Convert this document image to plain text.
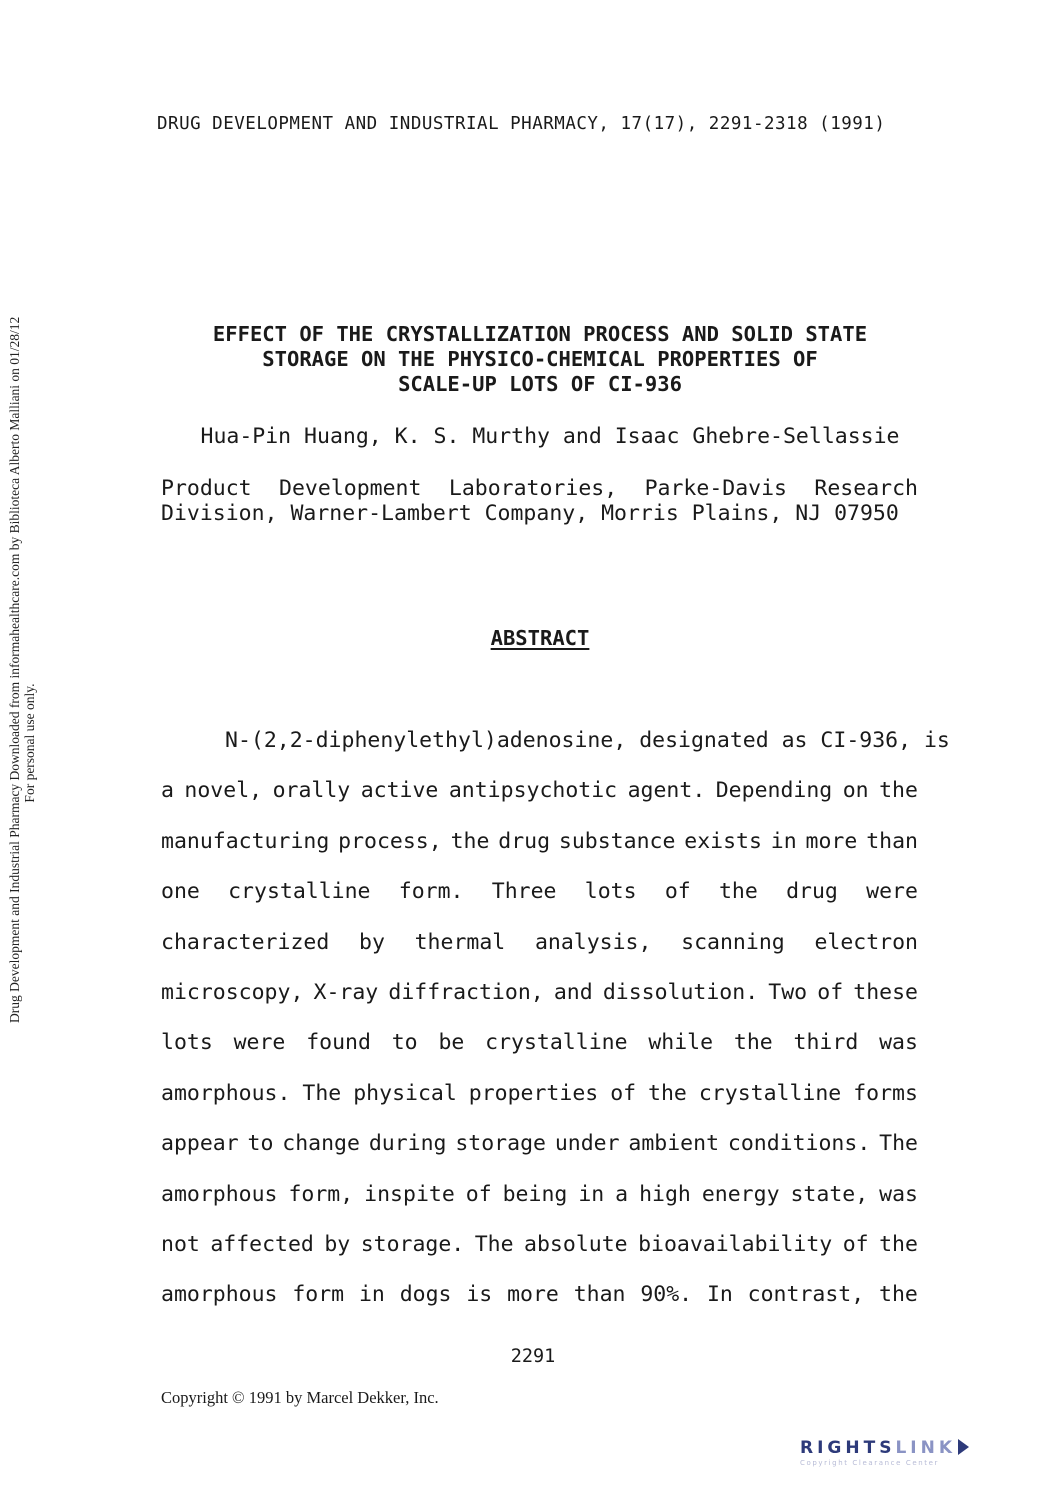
DRUG DEVELOPMENT AND INDUSTRIAL PHARMACY, 17(17), 2291-2318 (1991)
Drug Development and Industrial Pharmacy Downloaded from informahealthcare.com by Biblioteca Alberto Malliani on 01/28/12 For personal use only.
EFFECT OF THE CRYSTALLIZATION PROCESS AND SOLID STATE
STORAGE ON THE PHYSICO-CHEMICAL PROPERTIES OF
SCALE-UP LOTS OF CI-936
Hua-Pin Huang, K. S. Murthy and Isaac Ghebre-Sellassie
Product Development Laboratories, Parke-Davis Research
Division, Warner-Lambert Company, Morris Plains, NJ 07950
ABSTRACT
N-(2,2-diphenylethyl)adenosine, designated as CI-936, is
a novel, orally active antipsychotic agent. Depending on the
manufacturing process, the drug substance exists in more than
one crystalline form. Three lots of the drug were
characterized by thermal analysis, scanning electron
microscopy, X-ray diffraction, and dissolution. Two of these
lots were found to be crystalline while the third was
amorphous. The physical properties of the crystalline forms
appear to change during storage under ambient conditions. The
amorphous form, inspite of being in a high energy state, was
not affected by storage. The absolute bioavailability of the
amorphous form in dogs is more than 90%. In contrast, the
2291
Copyright © 1991 by Marcel Dekker, Inc.
RIGHTSLINK
Copyright Clearance Center
